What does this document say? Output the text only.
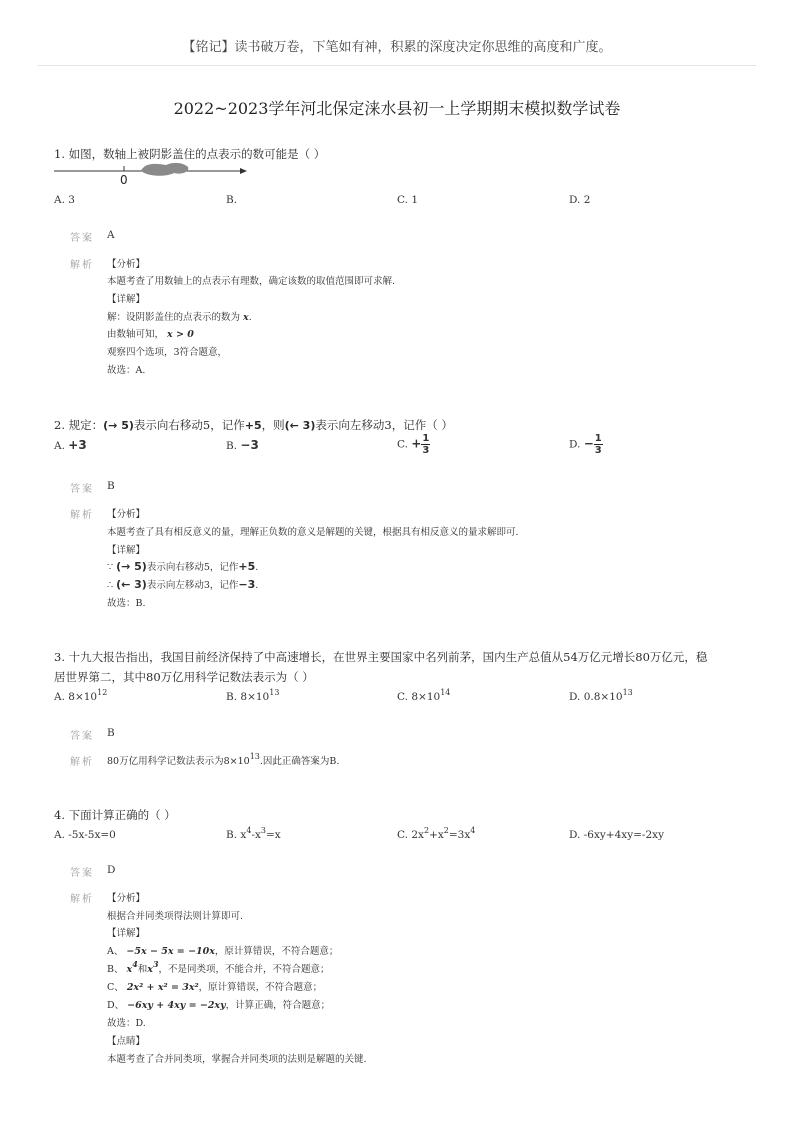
【铭记】读书破万卷，下笔如有神，积累的深度决定你思维的高度和广度。
2022~2023学年河北保定涞水县初一上学期期末模拟数学试卷
1. 如图，数轴上被阴影盖住的点表示的数可能是（ ）
0
A. 3	B.	C. 1	D. 2
答案 A
解析 【分析】
本题考查了用数轴上的点表示有理数，确定该数的取值范围即可求解.
【详解】
解：设阴影盖住的点表示的数为 x.
由数轴可知， x > 0
观察四个选项，3符合题意，
故选：A.
2. 规定：(→ 5)表示向右移动5，记作+5，则(← 3)表示向左移动3，记作（ ）
A. +3	B. −3	C. + $\frac{1}{3}$	D. − $\frac{1}{3}$
答案 B
解析 【分析】
本题考查了具有相反意义的量，理解正负数的意义是解题的关键，根据具有相反意义的量求解即可.
【详解】
∵ (→ 5)表示向右移动5，记作+5.
∴ (← 3)表示向左移动3，记作−3.
故选：B.
3. 十九大报告指出，我国目前经济保持了中高速增长，在世界主要国家中名列前茅，国内生产总值从54万亿元增长80万亿元，稳
居世界第二，其中80万亿用科学记数法表示为（ ）
A. $8\times 10^{12}$	B. $8\times 10^{13}$	C. $8\times 10^{14}$	D. $0.8\times 10^{13}$
答案 B
解析 80万亿用科学记数法表示为$8\times 10^{13}$.因此正确答案为B.
4. 下面计算正确的（ ）
A. -5x-5x=0	B. $x^4-x^3=x$	C. $2x^2+x^2=3x^4$	D. -6xy+4xy=-2xy
答案 D
解析 【分析】
根据合并同类项得法则计算即可.
【详解】
A、 −5x − 5x = −10x，原计算错误，不符合题意；
B、 $x^4$和$x^3$，不是同类项，不能合并，不符合题意；
C、 2x² + x² = 3x²，原计算错误，不符合题意；
D、 −6xy + 4xy = −2xy，计算正确，符合题意；
故选：D.
【点睛】
本题考查了合并同类项，掌握合并同类项的法则是解题的关键.
